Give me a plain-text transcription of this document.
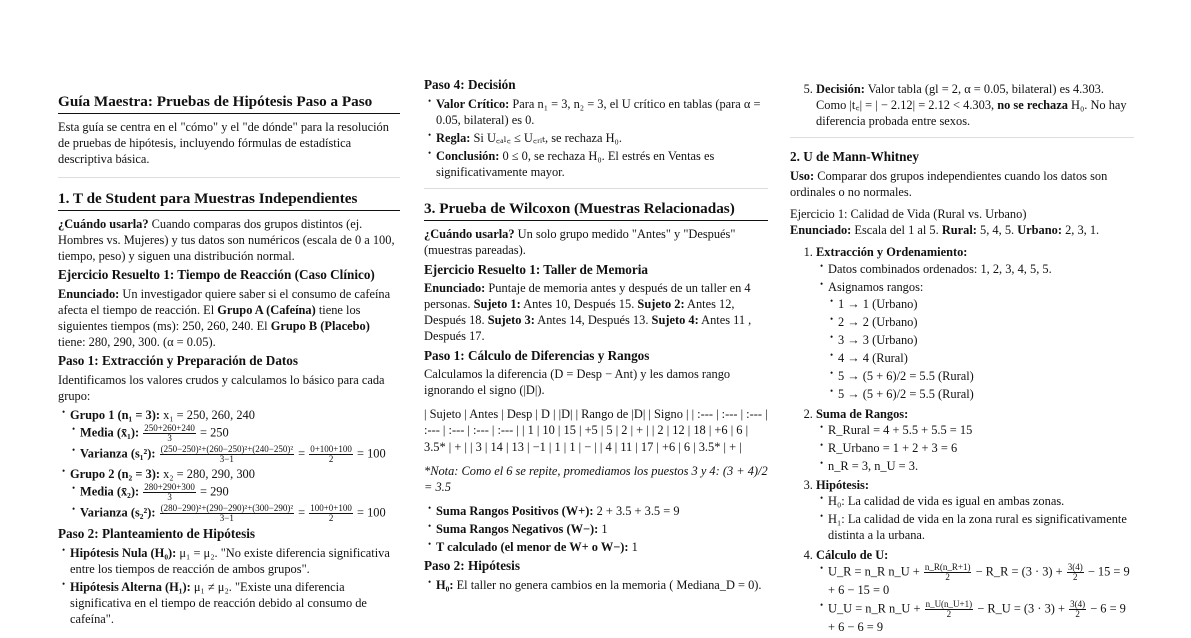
Guía Maestra: Pruebas de Hipótesis Paso a Paso

Esta guía se centra en el "cómo" y el "de dónde" para la resolución de pruebas de hipótesis, incluyendo fórmulas de estadística descriptiva básica.

1. T de Student para Muestras Independientes

¿Cuándo usarla? Cuando comparas dos grupos distintos (ej. Hombres vs. Mujeres) y tus datos son numéricos (escala de 0 a 100, tiempo, peso) y siguen una distribución normal.

Ejercicio Resuelto 1: Tiempo de Reacción (Caso Clínico)

Enunciado: Un investigador quiere saber si el consumo de cafeína afecta el tiempo de reacción. El Grupo A (Cafeína) tiene los siguientes tiempos (ms): 250, 260, 240. El Grupo B (Placebo) tiene: 280, 290, 300. (α = 0.05).

Paso 1: Extracción y Preparación de Datos

Identificamos los valores crudos y calculamos lo básico para cada grupo:

• Grupo 1 (n₁ = 3): x₁ = 250, 260, 240
• Media (x̄₁): $\frac{250+260+240}{3} = 250$
• Varianza (s₁²): $\frac{\text{(250−250)²+(260−250)²+(240−250)²}}{3-1} = \frac{0+100+100}{2} = 100$
• Grupo 2 (n₂ = 3): x₂ = 280, 290, 300
• Media (x̄₂): $\frac{280+290+300}{3} = 290$
• Varianza (s₂²): $\frac{\text{(280−290)²+(290−290)²+(300−290)²}}{3-1} = \frac{100+0+100}{2} = 100$
Paso 2: Planteamiento de Hipótesis
• Hipótesis Nula (H₀): μ₁ = μ₂. "No existe diferencia significativa entre los tiempos de reacción de ambos grupos".
• Hipótesis Alterna (H₁): μ₁ ≠ μ₂. "Existe una diferencia significativa en el tiempo de reacción debido al consumo de cafeína".
Paso 4: Decisión
• Valor Crítico: Para n₁ = 3, n₂ = 3, el U crítico en tablas (para α = 0.05, bilateral) es 0.
• Regla: Si U꜀ₐₗ꜀ ≤ U꜀ᵣᵢₜ, se rechaza H₀.
• Conclusión: 0 ≤ 0, se rechaza H₀. El estrés en Ventas es significativamente mayor.
3. Prueba de Wilcoxon (Muestras Relacionadas)

¿Cuándo usarla? Un solo grupo medido "Antes" y "Después" (muestras pareadas).

Ejercicio Resuelto 1: Taller de Memoria

Enunciado: Puntaje de memoria antes y después de un taller en 4 personas. Sujeto 1: Antes 10, Después 15. Sujeto 2: Antes 12, Después 18. Sujeto 3: Antes 14, Después 13. Sujeto 4: Antes 11 , Después 17.

Paso 1: Cálculo de Diferencias y Rangos

Calculamos la diferencia (D = Desp − Ant) y les damos rango ignorando el signo (|D|).

| Sujeto | Antes | Desp | D | |D| | Rango de |D| | Signo | | :--- | :--- | :--- | :--- | :--- | :--- | :--- | | 1 | 10 | 15 | +5 | 5 | 2 | + | | 2 | 12 | 18 | +6 | 6 | 3.5* | + | | 3 | 14 | 13 | −1 | 1 | 1 | − | | 4 | 11 | 17 | +6 | 6 | 3.5* | + |

*Nota: Como el 6 se repite, promediamos los puestos 3 y 4: (3 + 4)/2 = 3.5

• Suma Rangos Positivos (W+): 2 + 3.5 + 3.5 = 9
• Suma Rangos Negativos (W−): 1
• T calculado (el menor de W+ o W−): 1
Paso 2: Hipótesis
• H₀: El taller no genera cambios en la memoria ( Mediana_D = 0).
5. Decisión: Valor tabla (gl = 2, α = 0.05, bilateral) es 4.303. Como |t꜀| = | − 2.12| = 2.12 < 4.303, no se rechaza H₀. No hay diferencia probada entre sexos.
2. U de Mann-Whitney

Uso: Comparar dos grupos independientes cuando los datos son ordinales o no normales.

Ejercicio 1: Calidad de Vida (Rural vs. Urbano)

Enunciado: Escala del 1 al 5. Rural: 5, 4, 5. Urbano: 2, 3, 1.

1. Extracción y Ordenamiento:
• Datos combinados ordenados: 1, 2, 3, 4, 5, 5.
• Asignamos rangos:
• 1 → 1 (Urbano)
• 2 → 2 (Urbano)
• 3 → 3 (Urbano)
• 4 → 4 (Rural)
• 5 → (5 + 6)/2 = 5.5 (Rural)
• 5 → (5 + 6)/2 = 5.5 (Rural)
2. Suma de Rangos:
• R_Rural = 4 + 5.5 + 5.5 = 15
• R_Urbano = 1 + 2 + 3 = 6
• n_R = 3, n_U = 3.
3. Hipótesis:
• H₀: La calidad de vida es igual en ambas zonas.
• H₁: La calidad de vida en la zona rural es significativamente distinta a la urbana.
4. Cálculo de U:
• U_R = n_R n_U + $\frac{n\_R(n\_R+1)}{2}$ − R_R = $(3 \cdot 3) + \frac{3(4)}{2} - 15 = 9 + 6 - 15 = 0$
• U_U = n_R n_U + $\frac{n\_U(n\_U+1)}{2}$ − R_U = $(3 \cdot 3) + \frac{3(4)}{2} - 6 = 9 + 6 - 6 = 9$
